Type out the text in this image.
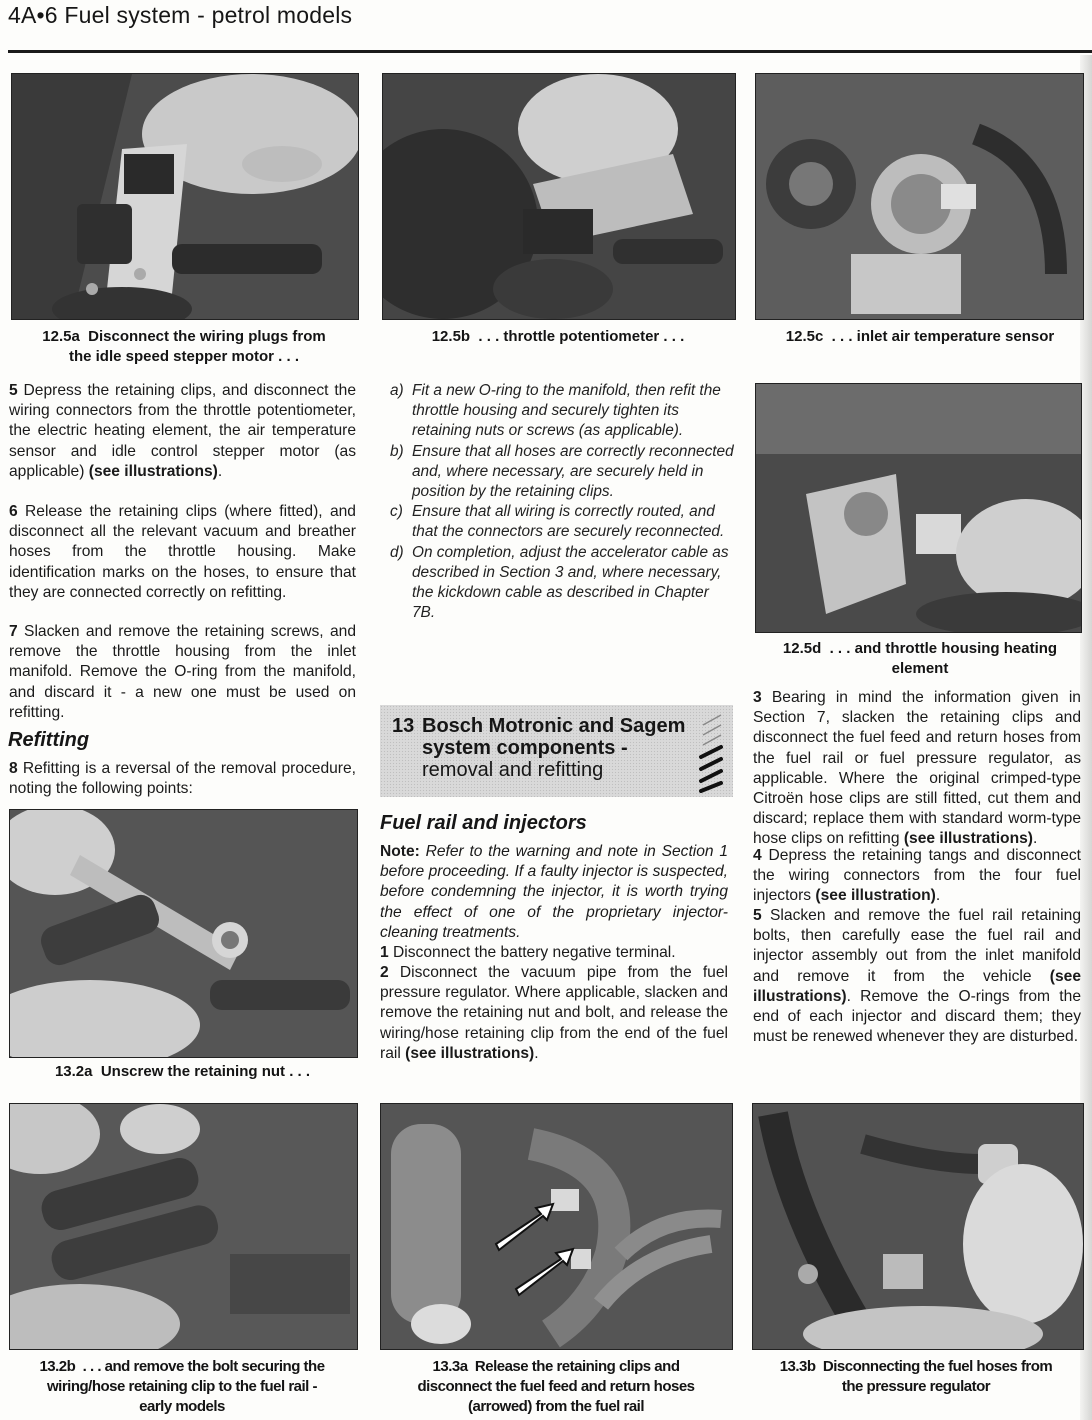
4A•6 Fuel system - petrol models
12.5a Disconnect the wiring plugs from
the idle speed stepper motor . . .
12.5b . . . throttle potentiometer . . .	12.5c . . . inlet air temperature sensor
5 Depress the retaining clips, and disconnect the wiring connectors from the throttle potentiometer, the electric heating element, the air temperature sensor and idle control stepper motor (as applicable) (see illustrations).
6 Release the retaining clips (where fitted), and disconnect all the relevant vacuum and breather hoses from the throttle housing. Make identification marks on the hoses, to ensure that they are connected correctly on refitting.
7 Slacken and remove the retaining screws, and remove the throttle housing from the inlet manifold. Remove the O-ring from the manifold, and discard it - a new one must be used on refitting.
Refitting
8 Refitting is a reversal of the removal procedure, noting the following points:
a) Fit a new O-ring to the manifold, then refit the throttle housing and securely tighten its retaining nuts or screws (as applicable).
b) Ensure that all hoses are correctly reconnected and, where necessary, are securely held in position by the retaining clips.
c) Ensure that all wiring is correctly routed, and that the connectors are securely reconnected.
d) On completion, adjust the accelerator cable as described in Section 3 and, where necessary, the kickdown cable as described in Chapter 7B.
13 Bosch Motronic and Sagem
system components -
removal and refitting
Fuel rail and injectors
Note: Refer to the warning and note in Section 1 before proceeding. If a faulty injector is suspected, before condemning the injector, it is worth trying the effect of one of the proprietary injector-cleaning treatments.
1 Disconnect the battery negative terminal.
2 Disconnect the vacuum pipe from the fuel pressure regulator. Where applicable, slacken and remove the retaining nut and bolt, and release the wiring/hose retaining clip from the end of the fuel rail (see illustrations).
12.5d . . . and throttle housing heating
element
3 Bearing in mind the information given in Section 7, slacken the retaining clips and disconnect the fuel feed and return hoses from the fuel rail or fuel pressure regulator, as applicable. Where the original crimped-type Citroën hose clips are still fitted, cut them and discard; replace them with standard worm-type hose clips on refitting (see illustrations).
4 Depress the retaining tangs and disconnect the wiring connectors from the four fuel injectors (see illustration).
5 Slacken and remove the fuel rail retaining bolts, then carefully ease the fuel rail and injector assembly out from the inlet manifold and remove it from the vehicle (see illustrations). Remove the O-rings from the end of each injector and discard them; they must be renewed whenever they are disturbed.
13.2a Unscrew the retaining nut . . .
13.2b . . . and remove the bolt securing the
wiring/hose retaining clip to the fuel rail -
early models
13.3a Release the retaining clips and
disconnect the fuel feed and return hoses
(arrowed) from the fuel rail
13.3b Disconnecting the fuel hoses from
the pressure regulator
